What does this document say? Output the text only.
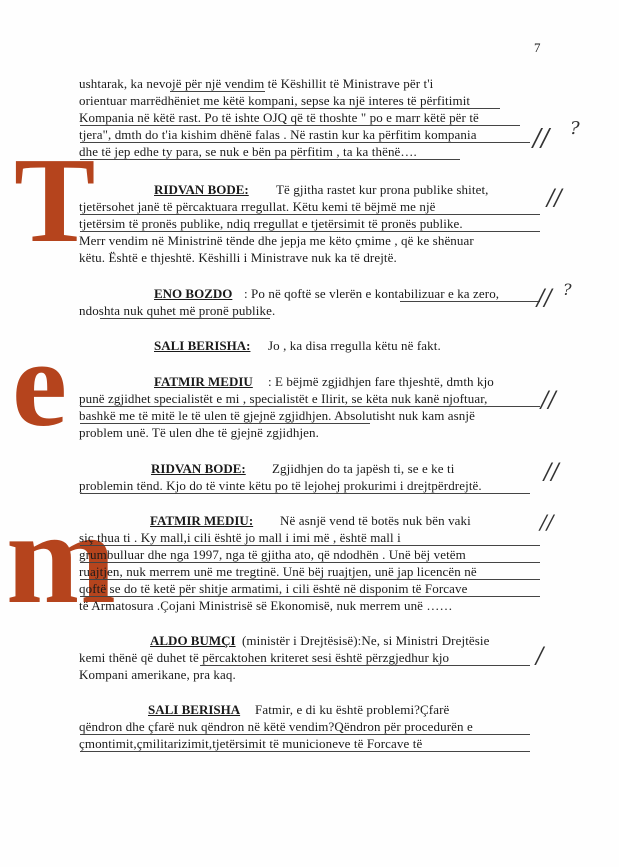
7
T
e
m
ushtarak, ka nevojë për një vendim të Këshillit të Ministrave për t'i
orientuar marrëdhëniet me këtë kompani, sepse ka një interes të përfitimit
Kompania në këtë rast. Po të ishte OJQ që të thoshte " po e marr këtë për të
tjera", dmth do t'ia kishim dhënë falas . Në rastin kur ka përfitim kompania
dhe të jep edhe ty para, se nuk e bën pa përfitim , ta ka thënë….
RIDVAN BODE: Të gjitha rastet kur prona publike shitet,
tjetërsohet janë të përcaktuara rregullat. Këtu kemi të bëjmë me një
tjetërsim të pronës publike, ndiq rregullat e tjetërsimit të pronës publike.
Merr vendim në Ministrinë tënde dhe jepja me këto çmime , që ke shënuar
këtu. Është e thjeshtë. Këshilli i Ministrave nuk ka të drejtë.
ENO BOZDO : Po në qoftë se vlerën e kontabilizuar e ka zero,
ndoshta nuk quhet më pronë publike.
SALI BERISHA: Jo , ka disa rregulla këtu në fakt.
FATMIR MEDIU : E bëjmë zgjidhjen fare thjeshtë, dmth kjo
punë zgjidhet specialistët e mi , specialistët e Ilirit, se këta nuk kanë njoftuar,
bashkë me të mitë le të ulen të gjejnë zgjidhjen. Absolutisht nuk kam asnjë
problem unë. Të ulen dhe të gjejnë zgjidhjen.
RIDVAN BODE: Zgjidhjen do ta japësh ti, se e ke ti
problemin tënd. Kjo do të vinte këtu po të lejohej prokurimi i drejtpërdrejtë.
FATMIR MEDIU: Në asnjë vend të botës nuk bën vaki
siç thua ti . Ky mall,i cili është jo mall i imi më , është mall i
grumbulluar dhe nga 1997, nga të gjitha ato, që ndodhën . Unë bëj vetëm
ruajtjen, nuk merrem unë me tregtinë. Unë bëj ruajtjen, unë jap licencën në
qoftë se do të ketë për shitje armatimi, i cili është në disponim të Forcave
të Armatosura .Çojani Ministrisë së Ekonomisë, nuk merrem unë ……
ALDO BUMÇI (ministër i Drejtësisë):Ne, si Ministri Drejtësie
kemi thënë që duhet të përcaktohen kriteret sesi është përzgjedhur kjo
Kompani amerikane, pra kaq.
SALI BERISHA Fatmir, e di ku është problemi?Çfarë
qëndron dhe çfarë nuk qëndron në këtë vendim?Qëndron për procedurën e
çmontimit,çmilitarizimit,tjetërsimit të municioneve të Forcave të
// ?
//
// ?
//
//
//
/
